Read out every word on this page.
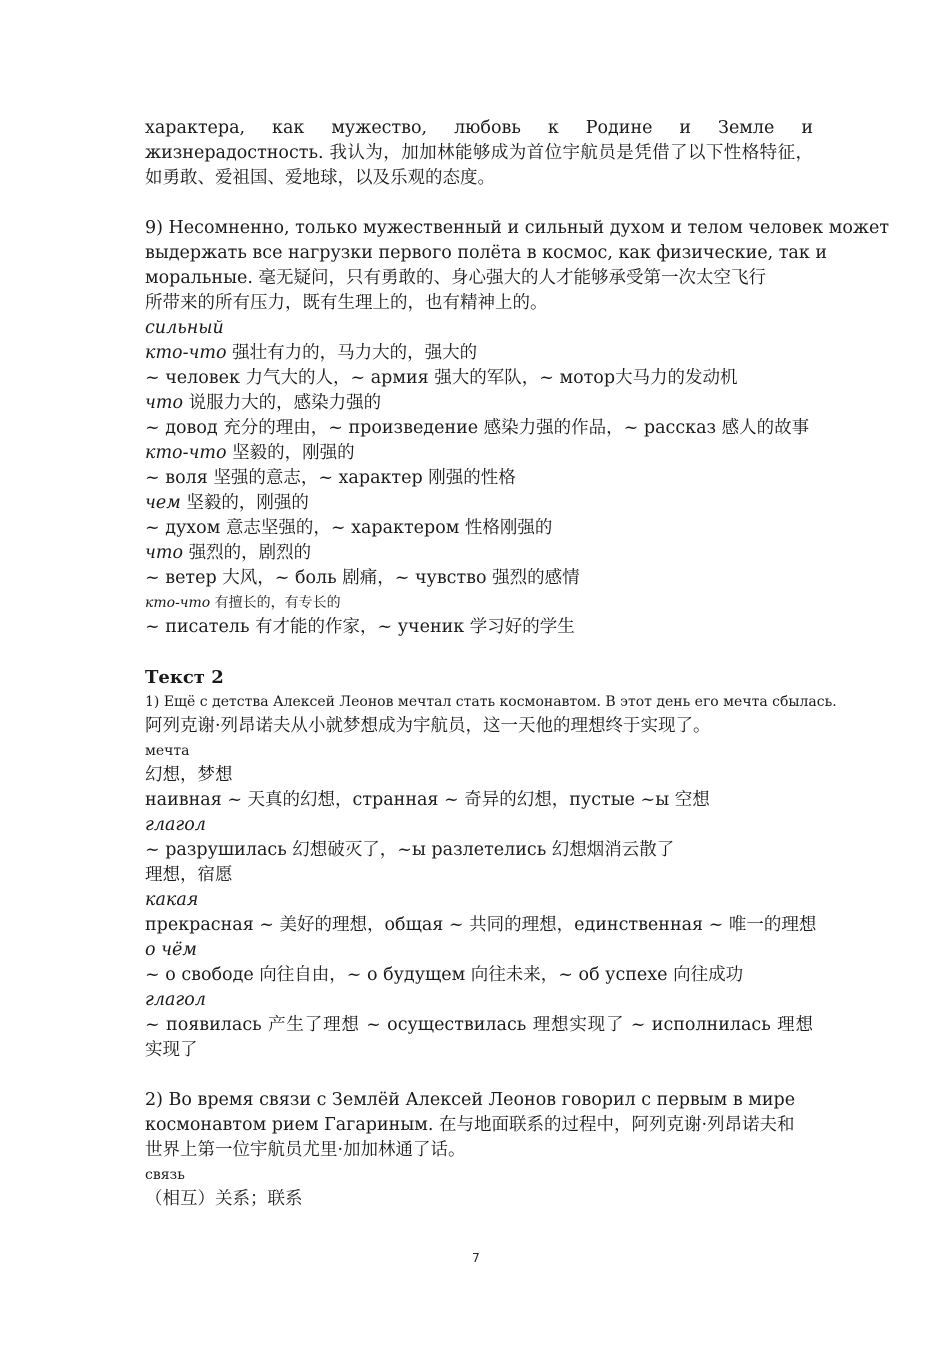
характера, как мужество, любовь к Родине и Земле и жизнерадостность. 我认为，加加林能够成为首位宇航员是凭借了以下性格特征，如勇敢、爱祖国、爱地球，以及乐观的态度。
9) Несомненно, только мужественный и сильный духом и телом человек может
выдержать все нагрузки первого полёта в космос, как физические, так и
моральные. 毫无疑问，只有勇敢的、身心强大的人才能够承受第一次太空飞行
所带来的所有压力，既有生理上的，也有精神上的。
сильный
кто-что 强壮有力的，马力大的，强大的
~ человек 力气大的人，~ армия 强大的军队，~ мотор大马力的发动机
что 说服力大的，感染力强的
~ довод 充分的理由，~ произведение 感染力强的作品，~ рассказ 感人的故事
кто-что 坚毅的，刚强的
~ воля 坚强的意志，~ характер 刚强的性格
чем 坚毅的，刚强的
~ духом 意志坚强的，~ характером 性格刚强的
что 强烈的，剧烈的
~ ветер 大风，~ боль 剧痛，~ чувство 强烈的感情
кто-что 有擅长的，有专长的
~ писатель 有才能的作家，~ ученик 学习好的学生
Текст 2
1) Ещё с детства Алексей Леонов мечтал стать космонавтом. В этот день его мечта сбылась.
阿列克谢·列昂诺夫从小就梦想成为宇航员，这一天他的理想终于实现了。
мечта
幻想，梦想
наивная ~ 天真的幻想，странная ~ 奇异的幻想，пустые ~ы 空想
глагол
~ разрушилась 幻想破灭了，~ы разлетелись 幻想烟消云散了
理想，宿愿
какая
прекрасная ~ 美好的理想，общая ~ 共同的理想，единственная ~ 唯一的理想
о чём
~ о свободе 向往自由，~ о будущем 向往未来，~ об успехе 向往成功
глагол
~ появилась 产生了理想 ~ осуществилась 理想实现了 ~ исполнилась 理想实现了
2) Во время связи с Землёй Алексей Леонов говорил с первым в мире
космонавтом рием Гагариным. 在与地面联系的过程中，阿列克谢·列昂诺夫和
世界上第一位宇航员尤里·加加林通了话。
связь
（相互）关系；联系
7
